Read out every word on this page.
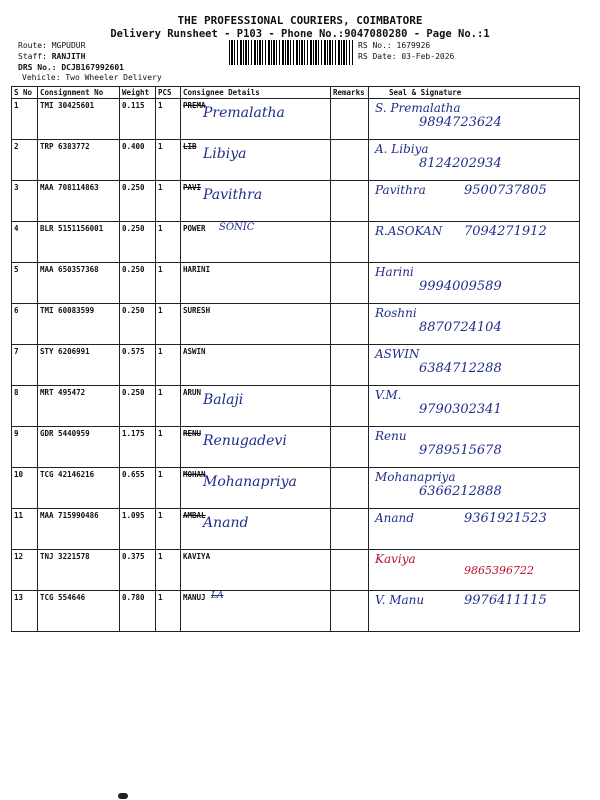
THE PROFESSIONAL COURIERS, COIMBATORE
Delivery Runsheet - P103 - Phone No.:9047080280 - Page No.:1
Route: MGPUDUR
Staff: RANJITH
DRS No.: DCJB167992601
Vehicle: Two Wheeler Delivery
RS No.: 1679926
RS Date: 03-Feb-2026
S No	Consignment No	Weight	PCS	Consignee Details	Remarks	Seal & Signature
1	TMI 30425601	0.115	1	PREMA
Premalatha		S. Premalatha
9894723624

2	TRP 6383772	0.400	1	LIB Libiya		A. Libiya
8124202934

3	MAA 708114863	0.250	1	PAVI Pavithra		Pavithra 9500737805

4	BLR 5151156001	0.250	1	POWER SONIC		R.ASOKAN 7094271912

5	MAA 650357368	0.250	1	HARINI		Harini
9994009589

6	TMI 60083599	0.250	1	SURESH		Roshni
8870724104

7	STY 6206991	0.575	1	ASWIN		ASWIN
6384712288

8	MRT 495472	0.250	1	ARUN Balaji		V.M.
9790302341

9	GDR 5440959	1.175	1	RENU Renugadevi		Renu
9789515678

10	TCG 42146216	0.655	1	MOHAN
Mohanapriya		Mohanapriya
6366212888

11	MAA 715990486	1.095	1	AMBAL
Anand		Anand 9361921523

12	TNJ 3221578	0.375	1	KAVIYA		Kaviya
9865396722

13	TCG 554646	0.780	1	MANUJ LA		V. Manu 9976411115
